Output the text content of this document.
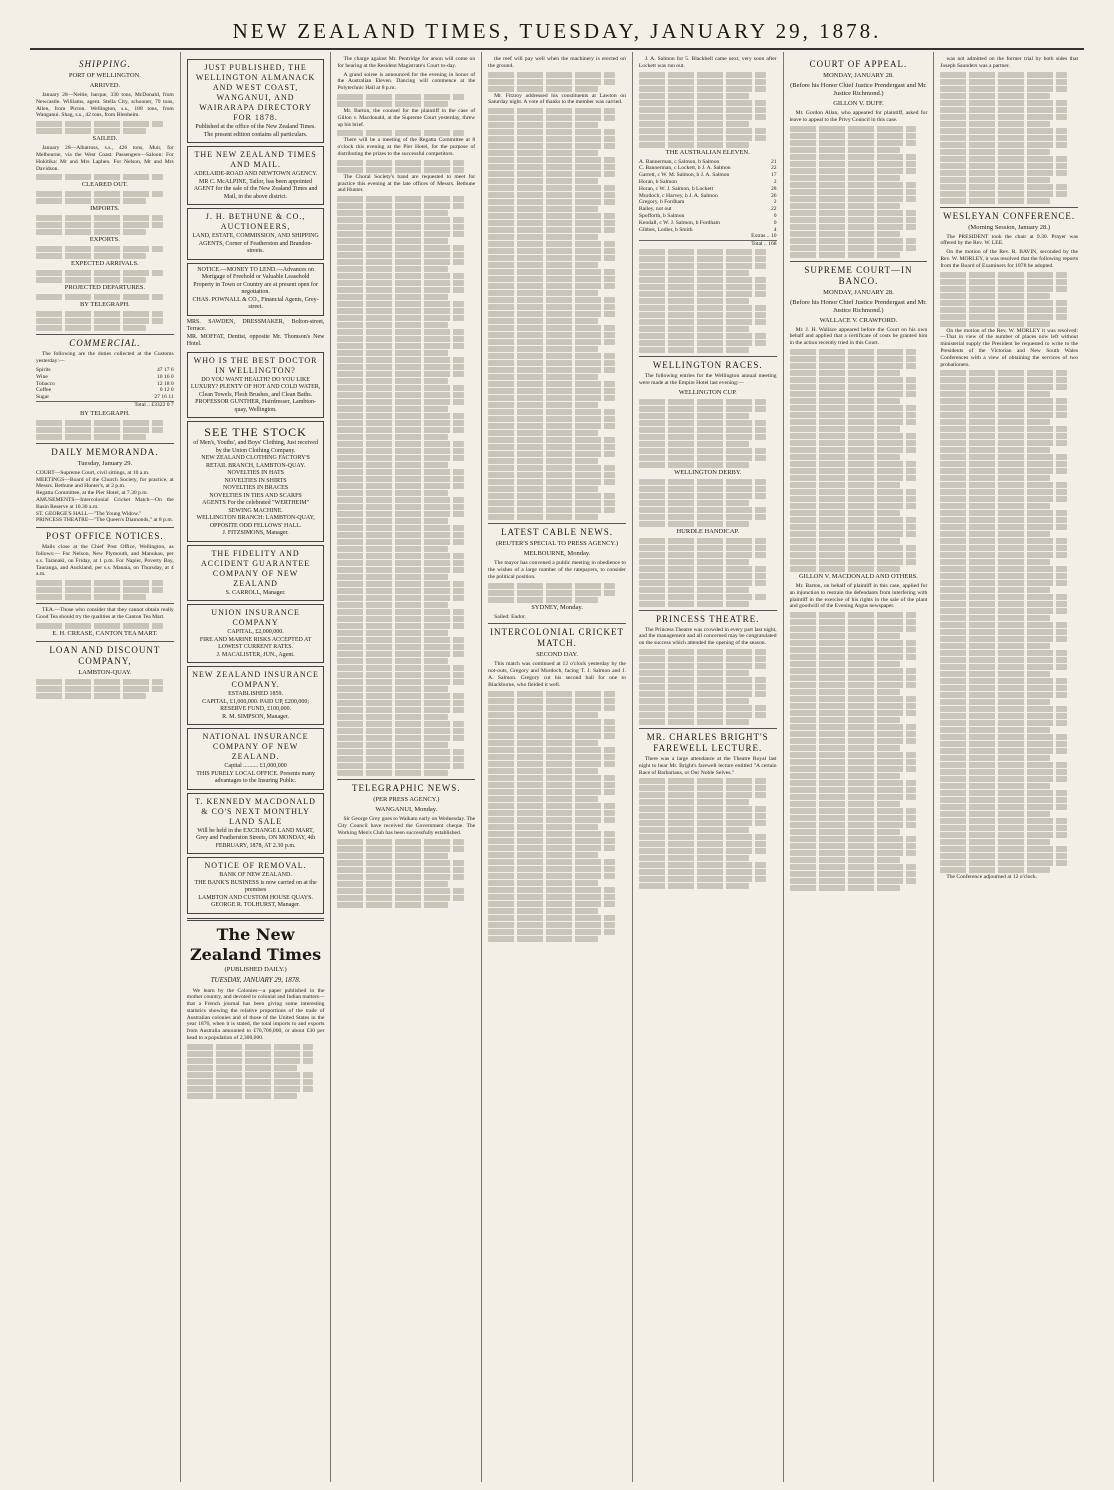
NEW ZEALAND TIMES, TUESDAY, JANUARY 29, 1878.
SHIPPING.
PORT OF WELLINGTON.
ARRIVED.

January 28—Neitie, barque, 330 tons, McDonald, from Newcastle. Williams, agent. Stella City, schooner, 79 tons, Allen, from Picton. Wellington, s.s., 188 tons, from Wanganui. Shag, s.s., 42 tons, from Blenheim.

SAILED.

January 28—Albatross, s.s., 426 tons, Muir, for Melbourne, via the West Coast. Passengers—Saloon: For Hokitika: Mr and Mrs Laphen. For Nelson, Mr and Mrs Davidson.

CLEARED OUT.
IMPORTS.
EXPORTS.
EXPECTED ARRIVALS.
PROJECTED DEPARTURES.
BY TELEGRAPH.
COMMERCIAL.

The following are the duties collected at the Customs yesterday:—

Spirits	47 17 6
Wine	10 16 0
Tobacco	12 18 0
Coffee	0 12 0
Sugar	27 16 11
Total .. £3322 0 7	
BY TELEGRAPH.
DAILY MEMORANDA.
Tuesday, January 29.
COURT—Supreme Court, civil sittings, at 10 a.m.
MEETINGS—Board of the Church Society, for practice, at Messrs. Bethune and Hunter's, at 2 p.m.
Regatta Committee, at the Pier Hotel, at 7.30 p.m.
AMUSEMENTS—Intercolonial Cricket Match—On the Basin Reserve at 10.30 a.m.
ST. GEORGE'S HALL—"The Young Widow."
PRINCESS THEATRE—"The Queen's Diamonds," at 8 p.m.
POST OFFICE NOTICES.

Mails close at the Chief Post Office, Wellington, as follows:— For Nelson, New Plymouth, and Manukau, per s.s. Taranaki, on Friday, at 1 p.m. For Napier, Poverty Bay, Tauranga, and Auckland, per s.s. Manaia, on Thursday, at 4 a.m.

TEA.—Those who consider that they cannot obtain really Good Tea should try the qualities at the Canton Tea Mart.

E. H. CREASE, CANTON TEA MART.
LOAN AND DISCOUNT COMPANY,
LAMBTON-QUAY.
JUST PUBLISHED, THE WELLINGTON ALMANACK AND WEST COAST, WANGANUI, AND WAIRARAPA DIRECTORY FOR 1878.
Published at the office of the New Zealand Times. The present edition contains all particulars.
THE NEW ZEALAND TIMES AND MAIL.
ADELAIDE-ROAD AND NEWTOWN AGENCY.
MR C. McALPINE, Tailor, has been appointed AGENT for the sale of the New Zealand Times and Mail, in the above district.
J. H. BETHUNE & CO., AUCTIONEERS,
LAND, ESTATE, COMMISSION, AND SHIPPING AGENTS, Corner of Featherston and Brandon-streets.
NOTICE.—MONEY TO LEND.—Advances on Mortgage of Freehold or Valuable Leasehold Property in Town or Country are at present open for negotiation.
CHAS. POWNALL & CO., Financial Agents, Grey-street.
MRS. SAWDEN, DRESSMAKER, Bolton-street, Terrace.
MR. MOFFAT, Dentist, opposite Mr. Thomson's New Hotel.
WHO IS THE BEST DOCTOR IN WELLINGTON?
DO YOU WANT HEALTH? DO YOU LIKE LUXURY? PLENTY OF HOT AND COLD WATER, Clean Towels, Flesh Brushes, and Clean Baths.
PROFESSOR GUNTHER, Hairdresser, Lambton-quay, Wellington.
SEE THE STOCK
of Men's, Youths', and Boys' Clothing, Just received by the Union Clothing Company.
NEW ZEALAND CLOTHING FACTORY'S RETAIL BRANCH, LAMBTON-QUAY.
NOVELTIES IN HATS
NOVELTIES IN SHIRTS
NOVELTIES IN BRACES
NOVELTIES IN TIES AND SCARFS
AGENTS For the celebrated "WERTHEIM" SEWING MACHINE.
WELLINGTON BRANCH: LAMBTON-QUAY, OPPOSITE ODD FELLOWS' HALL.
J. FITZSIMONS, Manager.
THE FIDELITY AND ACCIDENT GUARANTEE COMPANY OF NEW ZEALAND
S. CARROLL, Manager.
UNION INSURANCE COMPANY
CAPITAL, £2,000,000.
FIRE AND MARINE RISKS ACCEPTED AT LOWEST CURRENT RATES.
J. MACALISTER, JUN., Agent.
NEW ZEALAND INSURANCE COMPANY.
ESTABLISHED 1859.
CAPITAL, £1,000,000. PAID UP, £200,000; RESERVE FUND, £100,000.
R. M. SIMPSON, Manager.
NATIONAL INSURANCE COMPANY OF NEW ZEALAND.
Capital .......... £1,000,000
THIS PURELY LOCAL OFFICE. Presents many advantages to the Insuring Public.
T. KENNEDY MACDONALD & CO'S NEXT MONTHLY LAND SALE
Will be held in the EXCHANGE LAND MART, Grey and Featherston Streets, ON MONDAY, 4th FEBRUARY, 1878, AT 2.30 p.m.
NOTICE OF REMOVAL.
BANK OF NEW ZEALAND.
THE BANK'S BUSINESS is now carried on at the premises
LAMBTON AND CUSTOM HOUSE QUAYS.
GEORGE R. TOLHURST, Manager.
The New Zealand Times
(PUBLISHED DAILY.)
TUESDAY, JANUARY 29, 1878.

We learn by the Colonies—a paper published in the mother country, and devoted to colonial and Indian matters—that a French journal has been giving some interesting statistics showing the relative proportions of the trade of Australian colonies and of those of the United States in the year 1876, when it is stated, the total imports to and exports from Australia amounted to £70,700,000, or about £30 per head to a population of 2,300,000.

The charge against Mr. Pentridge for arson will come on for hearing at the Resident Magistrate's Court to-day.

A grand soiree is announced for the evening in honor of the Australian Eleven. Dancing will commence at the Polytechnic Hall at 8 p.m.

Mr. Barton, the counsel for the plaintiff in the case of Gillon v. Macdonald, at the Supreme Court yesterday, threw up his brief.

There will be a meeting of the Regatta Committee at 8 o'clock this evening at the Pier Hotel, for the purpose of distributing the prizes to the successful competitors.

The Choral Society's band are requested to meet for practice this evening at the late offices of Messrs. Bethune and Hunter.

TELEGRAPHIC NEWS.
(PER PRESS AGENCY.)
WANGANUI, Monday.

Sir George Grey goes to Waikato early on Wednesday. The City Council have received the Government cheque. The Working Men's Club has been successfully established.

the reef will pay well when the machinery is erected on the ground.

Mr. Fitzroy addressed his constituents at Lawton on Saturday night. A vote of thanks to the member was carried.

LATEST CABLE NEWS.
(REUTER'S SPECIAL TO PRESS AGENCY.)
MELBOURNE, Monday.

The mayor has convened a public meeting in obedience to the wishes of a large number of the ratepayers, to consider the political position.

SYDNEY, Monday.

Sailed: Eudor.

INTERCOLONIAL CRICKET MATCH.
SECOND DAY.

This match was continued at 12 o'clock yesterday by the not-outs, Gregory and Murdoch, facing T. J. Salmon and J. A. Salmon. Gregory cut his second ball for one to Blackburne, who fielded it well.

J. A. Salmon for 5. Blackbell came next, very soon after Lockett was run out.

THE AUSTRALIAN ELEVEN.
A. Bannerman, c Salmon, b Salmon	21
C. Bannerman, c Lockett, b J. A. Salmon	22
Garrett, c W. M. Salmon, b J. A. Salmon	17
Horan, b Salmon	2
Horan, c W. J. Salmon, b Lockett	28
Murdoch, c Harvey, b J. A. Salmon	26
Gregory, b Fordham	2
Bailey, not out	22
Spofforth, b Salmon	0
Kendall, c W. J. Salmon, b Fordham	0
Gibbes, Lodier, b Smith	4
Extras .. 10	
Total .. 168	
WELLINGTON RACES.

The following entries for the Wellington annual meeting were made at the Empire Hotel last evening:—

WELLINGTON CUP.
WELLINGTON DERBY.
HURDLE HANDICAP.
PRINCESS THEATRE.

The Princess Theatre was crowded in every part last night, and the management and all concerned may be congratulated on the success which attended the opening of the season.

MR. CHARLES BRIGHT'S FAREWELL LECTURE.

There was a large attendance at the Theatre Royal last night to hear Mr. Bright's farewell lecture entitled "A certain Race of Barbarians, or Our Noble Selves."

COURT OF APPEAL.
MONDAY, JANUARY 28.
(Before his Honor Chief Justice Prendergast and Mr. Justice Richmond.)
GILLON V. DUFF.

Mr. Gordon Allan, who appeared for plaintiff, asked for leave to appeal to the Privy Council in this case.

SUPREME COURT—IN BANCO.
MONDAY, JANUARY 28.
(Before his Honor Chief Justice Prendergast and Mr. Justice Richmond.)
WALLACE V. CRAWFORD.

Mr. J. H. Wallace appeared before the Court on his own behalf and applied that a certificate of costs be granted him in the action recently tried in this Court.

GILLON V. MACDONALD AND OTHERS.

Mr. Barton, on behalf of plaintiff in this case, applied for an injunction to restrain the defendants from interfering with plaintiff in the exercise of his rights in the sale of the plant and goodwill of the Evening Argus newspaper.

was not admitted on the former trial by both sides that Joseph Saunders was a partner.

WESLEYAN CONFERENCE.
(Morning Session, January 28.)

The PRESIDENT took the chair at 9.30. Prayer was offered by the Rev. W. LEE.

On the motion of the Rev. R. BAVIN, seconded by the Rev. W. MORLEY, it was resolved that the following reports from the Board of Examiners for 1878 be adopted.

On the motion of the Rev. W. MORLEY it was resolved:—That in view of the number of places now left without ministerial supply the President be requested to write to the Presidents of the Victorian and New South Wales Conferences with a view of obtaining the services of two probationers.

The Conference adjourned at 12 o'clock.
